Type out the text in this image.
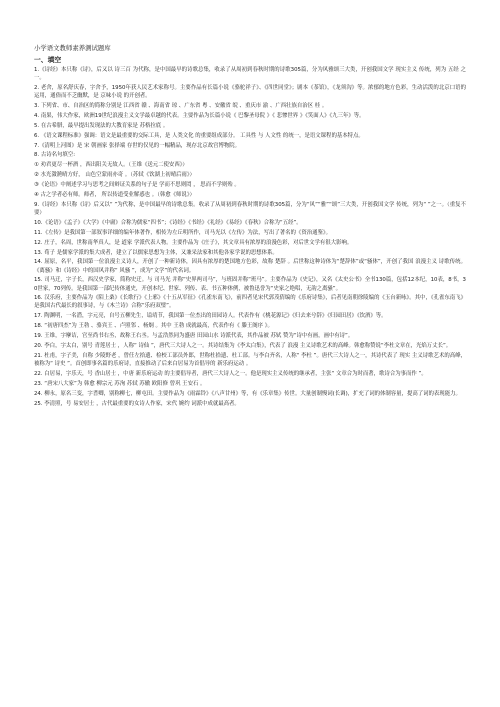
小学语文教师素养测试题库
一、填空

1.《诗经》本只称《诗》，后又以 诗三百 为代称，是中国最早的诗歌总集，收录了从周初到春秋时期的诗歌305篇，分为风雅颂三大类，开创我国文学 现实主义 传统，列为 五经 之一。

2. 老舍，原名舒庆春，字舍予，1950年获人民艺术家称号。主要作品有长篇小说《骆驼祥子》、《四世同堂》；剧本《茶馆》，《龙须沟》等。浓郁的地方色彩，生动活泼的北京口语的运用，通俗而不乏幽默，是 京味小说 的开创者。

3. 下列省、市、自治区的简称分别是 江西省 赣 、海南省 琼 、广东省 粤 、安徽省 皖 、重庆市 渝 、广西壮族自治区 桂 。

4. 南果，伟大作家，欧洲19世纪浪漫主义文学最卓越的代表。主要作品为长篇小说《 巴黎圣母院 》《 悲惨世界 》《笑面人》《九三年》等。

5. 在古希腊，最早提出发现法的大教育家是 苏格拉底 。

6. 《语文课程标准》强调：语文是最重要的交际工具，是 人类文化 的重要组成部分。 工具性 与 人文性 的统一，是语文课程的基本特点。

7.《清明上河图》是 宋 朝画家 张择端 存世的仅见的一幅精品，现存北京故宫博物院。

8. 古诗名句填空:

① 劝君更尽一杯酒 ，西出阳关无故人。（王维《送元二使安西》）

② 水光潋滟晴方好， 山色空蒙雨亦奇 。（苏轼《饮湖上初晴后雨》）

③《论语》中阐述学习与思考之间辩证关系的句子是 学而不思则罔 ， 思而不学则殆 。

④ 古之学者必有师。师者， 所以传道受业解惑也 。（韩愈《师说》）

9.《诗经》本只称《诗》后又以“ ”为代称，是中国最早的诗歌总集。收录了从周初到春秋时期的诗歌305篇，分为“风”“雅”“颂”三大类，开创我国文学 传统，列为“ ”之一。（重复不要）

10.《论语》《孟子》《大学》《中庸》合称为儒家“四书”；《诗经》《书经》《礼经》《易经》《春秋》合称为“五经”。

11.《左传》是我国第一部叙事详细的编年体著作，相传为左丘明所作，司马光以《左传》为法，写出了著名的《资治通鉴》。

12. 庄子，名周，世称南华真人，是 道家 学派代表人物。主要作品为《庄子》，其文章具有浓厚的浪漫色彩，对后世文学有很大影响。

13. 荀子 是儒家学派的集大成者，建立了以儒家思想为主体，又兼采法家和其他各家学说的思想体系。

14. 屈原，名平，我国第一位浪漫主义诗人，开创了一种新诗体，因具有浓厚的楚国地方色彩，故称 楚辞 。后世称这种诗体为“楚辞体”或“骚体”，开创了我国 浪漫主义 诗歌传统。《离骚》和《诗经》中的国风并称“ 风骚 ”，成为“文学”的代名词。

15. 司马迁，字子长，西汉史学家，简称史迁。与 司马光 并称“史界两司马”，与班固并称“班马”。主要作品为《史记》，又名《太史公书》全书130篇，包括12本纪，10表，8书，30世家，70列传。是我国第一部纪传体通史，开创本纪、世家、列传、表、书五种体例，被鲁迅誉为“史家之绝唱，无韵之离骚”。

16. 汉乐府，主要作品为《陌上桑》《长歌行》《上邪》《十五从军征》《孔雀东南飞》，前四者见宋代郭茂倩编的《乐府诗集》，后者见南朝徐陵编的《玉台新咏》。其中，《孔雀东南飞》是我国古代最长的叙事诗，与《木兰诗》合称“乐府双璧”。

17. 陶渊明，一名潜，字元亮，自号五柳先生，谥靖节，我国第一位杰出的田园诗人。代表作有《桃花源记》《归去来兮辞》《归园田居》《饮酒》等。

18. “初唐四杰”为 王勃 、骆宾王 、卢照邻 、杨炯 。其中 王勃 成就最高，代表作有《 滕王阁序 》。

19. 王维，字摩诘，官至尚书右丞，故称王右丞。与孟浩然同为盛唐 田园山水 诗派代表，其作品被 苏轼 赞为“诗中有画，画中有诗”。

20. 李白，字太白，别号 青莲居士 ，人称“ 诗仙 ”，唐代三大诗人之一。其诗结集为《李太白集》，代表了 浪漫 主义诗歌艺术的高峰。韩愈称赞说“李杜文章在，光焰万丈长”。

21. 杜甫，字子美，自称 少陵野老 ，曾任左拾遗、检校工部员外郎，世称杜拾遗、杜工部。与李白齐名，人称“ 李杜 ”。唐代三大诗人之一，其诗代表了 现实 主义诗歌艺术的高峰，被称为“ 诗史 ”。首创即事名篇的乐府诗，直接推动了后来白居易为首倡导的 新乐府运动 。

22. 白居易，字乐天，号 香山居士 ，中唐 新乐府运动 的主要倡导者，唐代三大诗人之一。他是现实主义传统的继承者，主张“ 文章合为时而著，歌诗合为事而作 ”。

23. “唐宋八大家”为 韩愈 柳宗元 苏洵 苏轼 苏辙 欧阳修 曾巩 王安石 。

24. 柳永，原名三变，字耆卿，别称柳七，柳屯田。主要作品为《雨霖铃》《八声甘州》等，有《乐章集》传世。大量创制慢词(长调)，扩充了词的体制容量，提高了词的表现能力。

25. 李清照，号 易安居士 ，古代最重要的女诗人作家，宋代 婉约 词派中成就最高者。
